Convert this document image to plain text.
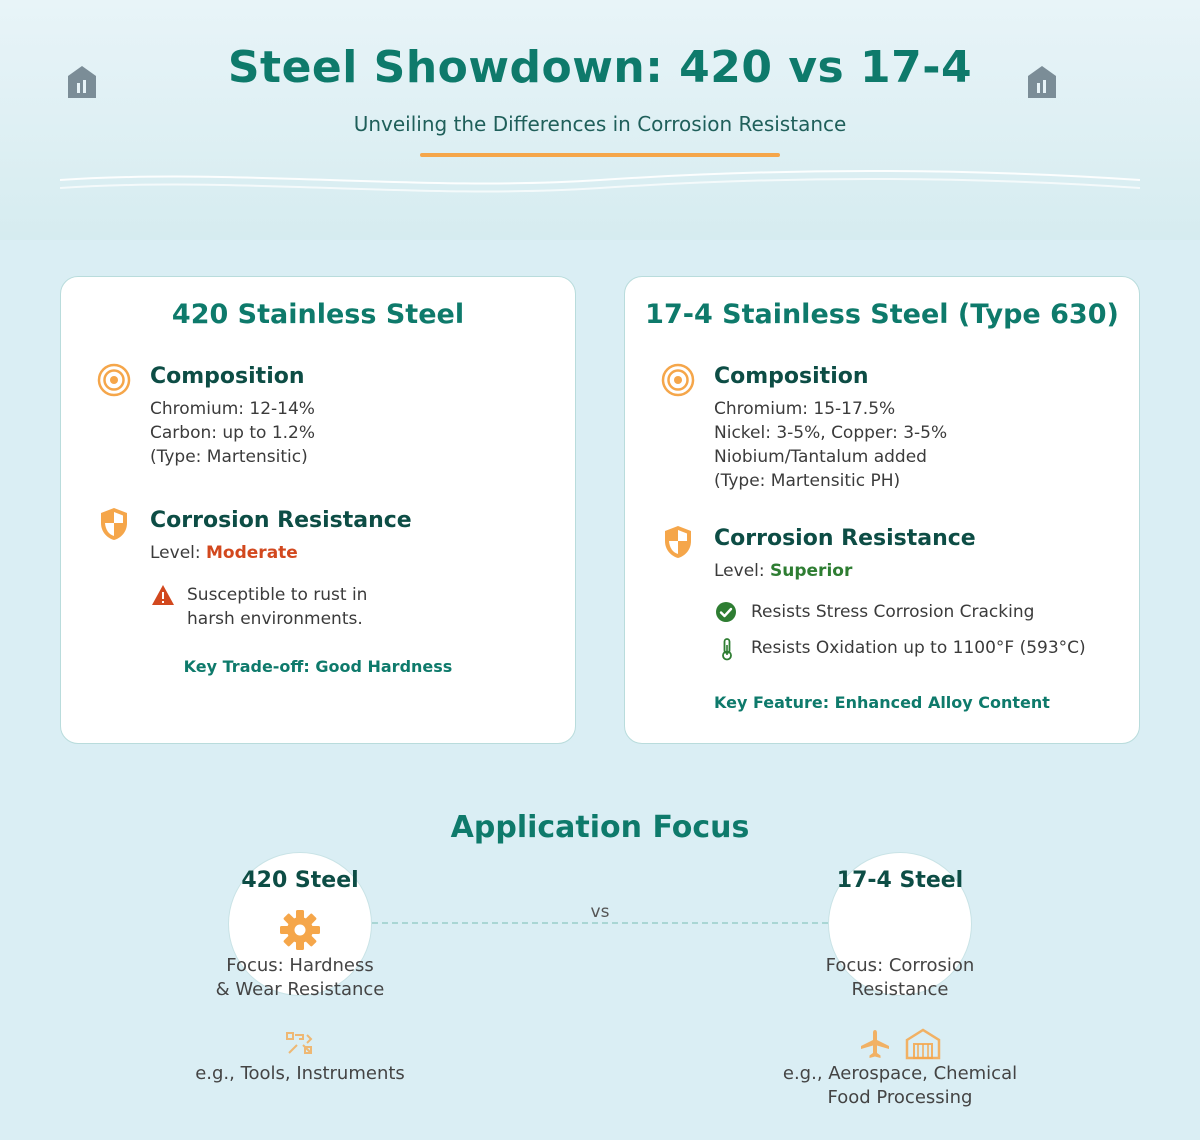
Steel Showdown: 420 vs 17-4
Unveiling the Differences in Corrosion Resistance
420 Stainless Steel
Composition
Chromium: 12-14%
Carbon: up to 1.2%
(Type: Martensitic)
Corrosion Resistance
Level: Moderate
Susceptible to rust in
harsh environments.
Key Trade-off: Good Hardness
17-4 Stainless Steel (Type 630)
Composition
Chromium: 15-17.5%
Nickel: 3-5%, Copper: 3-5%
Niobium/Tantalum added
(Type: Martensitic PH)
Corrosion Resistance
Level: Superior
Resists Stress Corrosion Cracking
Resists Oxidation up to 1100°F (593°C)
Key Feature: Enhanced Alloy Content
Application Focus
vs
420 Steel	17-4 Steel
Focus: Hardness
& Wear Resistance
Focus: Corrosion
Resistance
e.g., Tools, Instruments	e.g., Aerospace, Chemical
Food Processing
